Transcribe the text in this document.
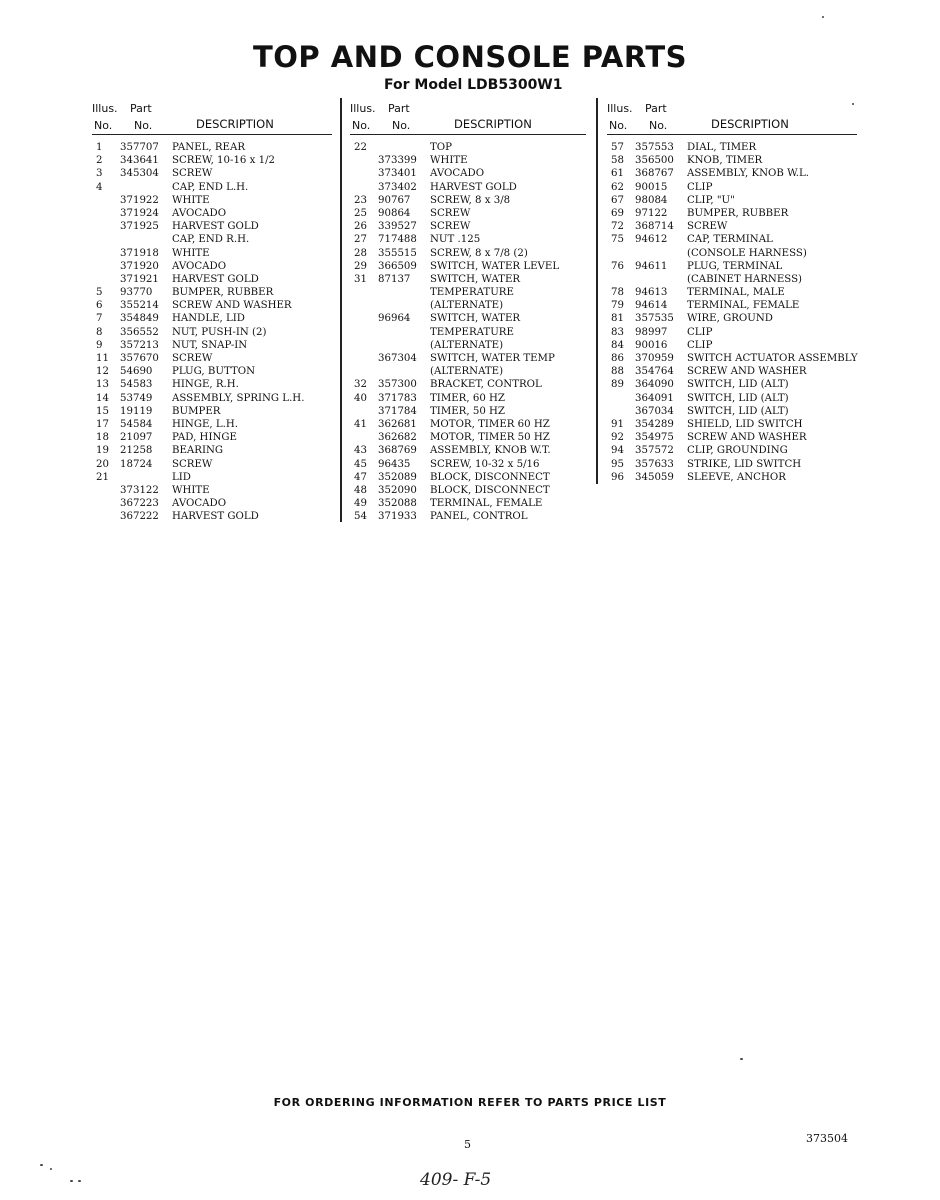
TOP AND CONSOLE PARTS
For Model LDB5300W1
Illus. Part
No. No.	DESCRIPTION
1 357707 PANEL, REAR
2 343641 SCREW, 10-16 x 1/2
3 345304 SCREW
4	CAP, END L.H.
371922 WHITE
371924 AVOCADO
371925 HARVEST GOLD
CAP, END R.H.
371918 WHITE
371920 AVOCADO
371921 HARVEST GOLD
5 93770 BUMPER, RUBBER
6 355214 SCREW AND WASHER
7 354849 HANDLE, LID
8 356552 NUT, PUSH-IN (2)
9 357213 NUT, SNAP-IN
11 357670 SCREW
12 54690 PLUG, BUTTON
13 54583 HINGE, R.H.
14 53749 ASSEMBLY, SPRING L.H.
15 19119 BUMPER
17 54584 HINGE, L.H.
18 21097 PAD, HINGE
19 21258 BEARING
20 18724 SCREW
21	LID
373122 WHITE
367223 AVOCADO
367222 HARVEST GOLD
Illus. Part
No. No.	DESCRIPTION
22	TOP
373399 WHITE
373401 AVOCADO
373402 HARVEST GOLD
23 90767 SCREW, 8 x 3/8
25 90864 SCREW
26 339527 SCREW
27 717488 NUT .125
28 355515 SCREW, 8 x 7/8 (2)
29 366509 SWITCH, WATER LEVEL
31 87137 SWITCH, WATER
TEMPERATURE
(ALTERNATE)
96964 SWITCH, WATER
TEMPERATURE
(ALTERNATE)
367304 SWITCH, WATER TEMP
(ALTERNATE)
32 357300 BRACKET, CONTROL
40 371783 TIMER, 60 HZ
371784 TIMER, 50 HZ
41 362681 MOTOR, TIMER 60 HZ
362682 MOTOR, TIMER 50 HZ
43 368769 ASSEMBLY, KNOB W.T.
45 96435 SCREW, 10-32 x 5/16
47 352089 BLOCK, DISCONNECT
48 352090 BLOCK, DISCONNECT
49 352088 TERMINAL, FEMALE
54 371933 PANEL, CONTROL
Illus. Part
No. No.	DESCRIPTION
57 357553 DIAL, TIMER
58 356500 KNOB, TIMER
61 368767 ASSEMBLY, KNOB W.L.
62 90015 CLIP
67 98084 CLIP, "U"
69 97122 BUMPER, RUBBER
72 368714 SCREW
75 94612 CAP, TERMINAL
(CONSOLE HARNESS)
76 94611 PLUG, TERMINAL
(CABINET HARNESS)
78 94613 TERMINAL, MALE
79 94614 TERMINAL, FEMALE
81 357535 WIRE, GROUND
83 98997 CLIP
84 90016 CLIP
86 370959 SWITCH ACTUATOR ASSEMBLY
88 354764 SCREW AND WASHER
89 364090 SWITCH, LID (ALT)
364091 SWITCH, LID (ALT)
367034 SWITCH, LID (ALT)
91 354289 SHIELD, LID SWITCH
92 354975 SCREW AND WASHER
94 357572 CLIP, GROUNDING
95 357633 STRIKE, LID SWITCH
96 345059 SLEEVE, ANCHOR
FOR ORDERING INFORMATION REFER TO PARTS PRICE LIST
5	373504
409- F-5
